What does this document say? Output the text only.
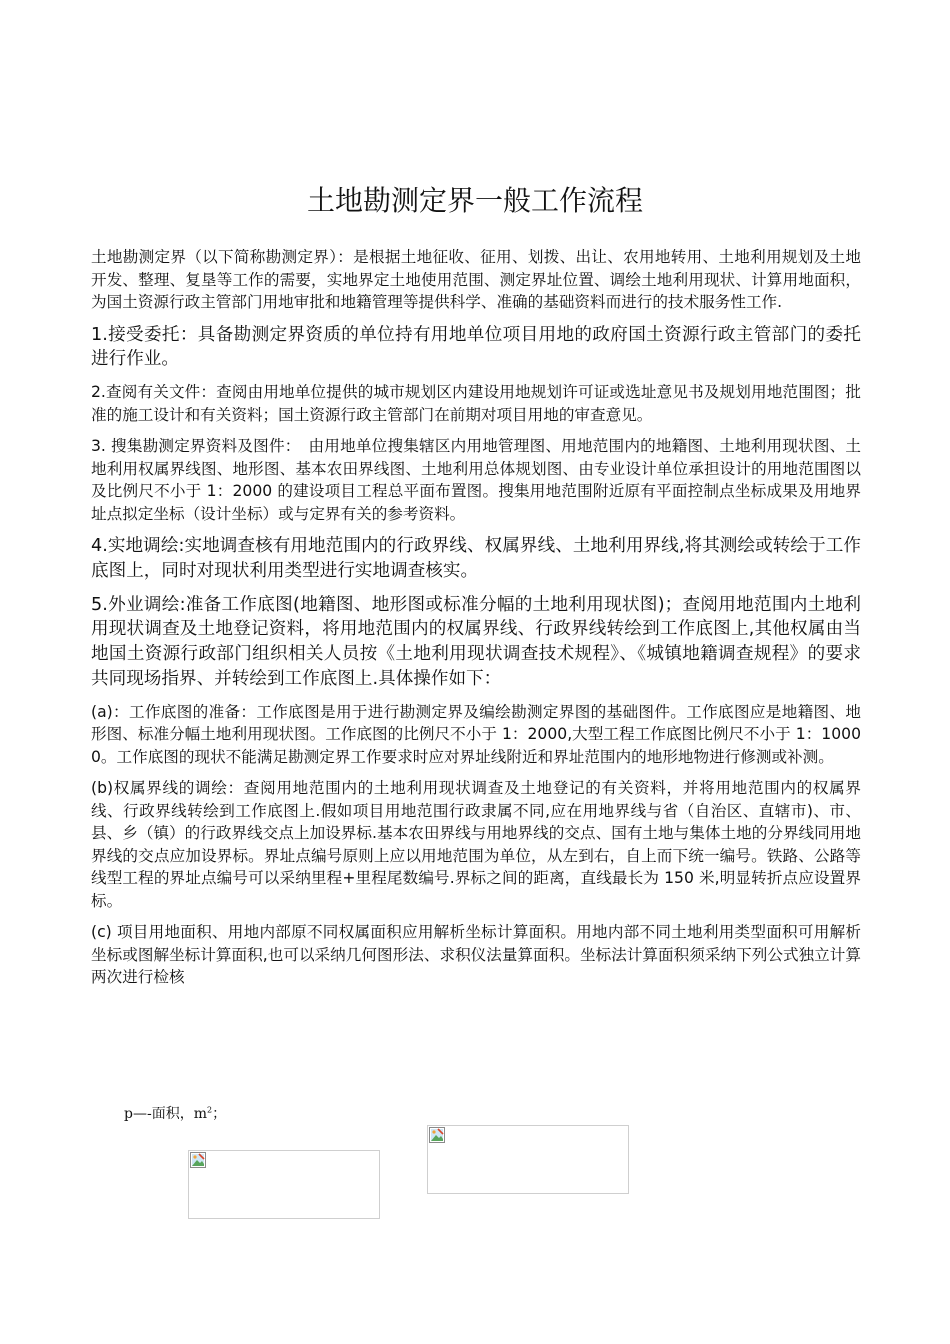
土地勘测定界一般工作流程

土地勘测定界（以下简称勘测定界）：是根据土地征收、征用、划拨、出让、农用地转用、土地利用规划及土地开发、整理、复垦等工作的需要，实地界定土地使用范围、测定界址位置、调绘土地利用现状、计算用地面积，为国土资源行政主管部门用地审批和地籍管理等提供科学、准确的基础资料而进行的技术服务性工作.

1.接受委托：具备勘测定界资质的单位持有用地单位项目用地的政府国土资源行政主管部门的委托进行作业。

2.查阅有关文件：查阅由用地单位提供的城市规划区内建设用地规划许可证或选址意见书及规划用地范围图；批准的施工设计和有关资料；国土资源行政主管部门在前期对项目用地的审查意见。

3. 搜集勘测定界资料及图件：　由用地单位搜集辖区内用地管理图、用地范围内的地籍图、土地利用现状图、土地利用权属界线图、地形图、基本农田界线图、土地利用总体规划图、由专业设计单位承担设计的用地范围图以及比例尺不小于 1：2000 的建设项目工程总平面布置图。搜集用地范围附近原有平面控制点坐标成果及用地界址点拟定坐标（设计坐标）或与定界有关的参考资料。

4.实地调绘:实地调查核有用地范围内的行政界线、权属界线、土地利用界线,将其测绘或转绘于工作底图上，同时对现状利用类型进行实地调查核实。

5.外业调绘:准备工作底图(地籍图、地形图或标准分幅的土地利用现状图)；查阅用地范围内土地利用现状调查及土地登记资料，将用地范围内的权属界线、行政界线转绘到工作底图上,其他权属由当地国土资源行政部门组织相关人员按《土地利用现状调查技术规程》、《城镇地籍调查规程》的要求共同现场指界、并转绘到工作底图上.具体操作如下：

(a)：工作底图的准备：工作底图是用于进行勘测定界及编绘勘测定界图的基础图件。工作底图应是地籍图、地形图、标准分幅土地利用现状图。工作底图的比例尺不小于 1：2000,大型工程工作底图比例尺不小于 1：10000。工作底图的现状不能满足勘测定界工作要求时应对界址线附近和界址范围内的地形地物进行修测或补测。

(b)权属界线的调绘：查阅用地范围内的土地利用现状调查及土地登记的有关资料，并将用地范围内的权属界线、行政界线转绘到工作底图上.假如项目用地范围行政隶属不同,应在用地界线与省（自治区、直辖市)、市、县、乡（镇）的行政界线交点上加设界标.基本农田界线与用地界线的交点、国有土地与集体土地的分界线同用地界线的交点应加设界标。界址点编号原则上应以用地范围为单位，从左到右，自上而下统一编号。铁路、公路等线型工程的界址点编号可以采纳里程+里程尾数编号.界标之间的距离，直线最长为 150 米,明显转折点应设置界标。

(c) 项目用地面积、用地内部原不同权属面积应用解析坐标计算面积。用地内部不同土地利用类型面积可用解析坐标或图解坐标计算面积,也可以采纳几何图形法、求积仪法量算面积。坐标法计算面积须采纳下列公式独立计算两次进行检核

p—-面积，$m^2$；
